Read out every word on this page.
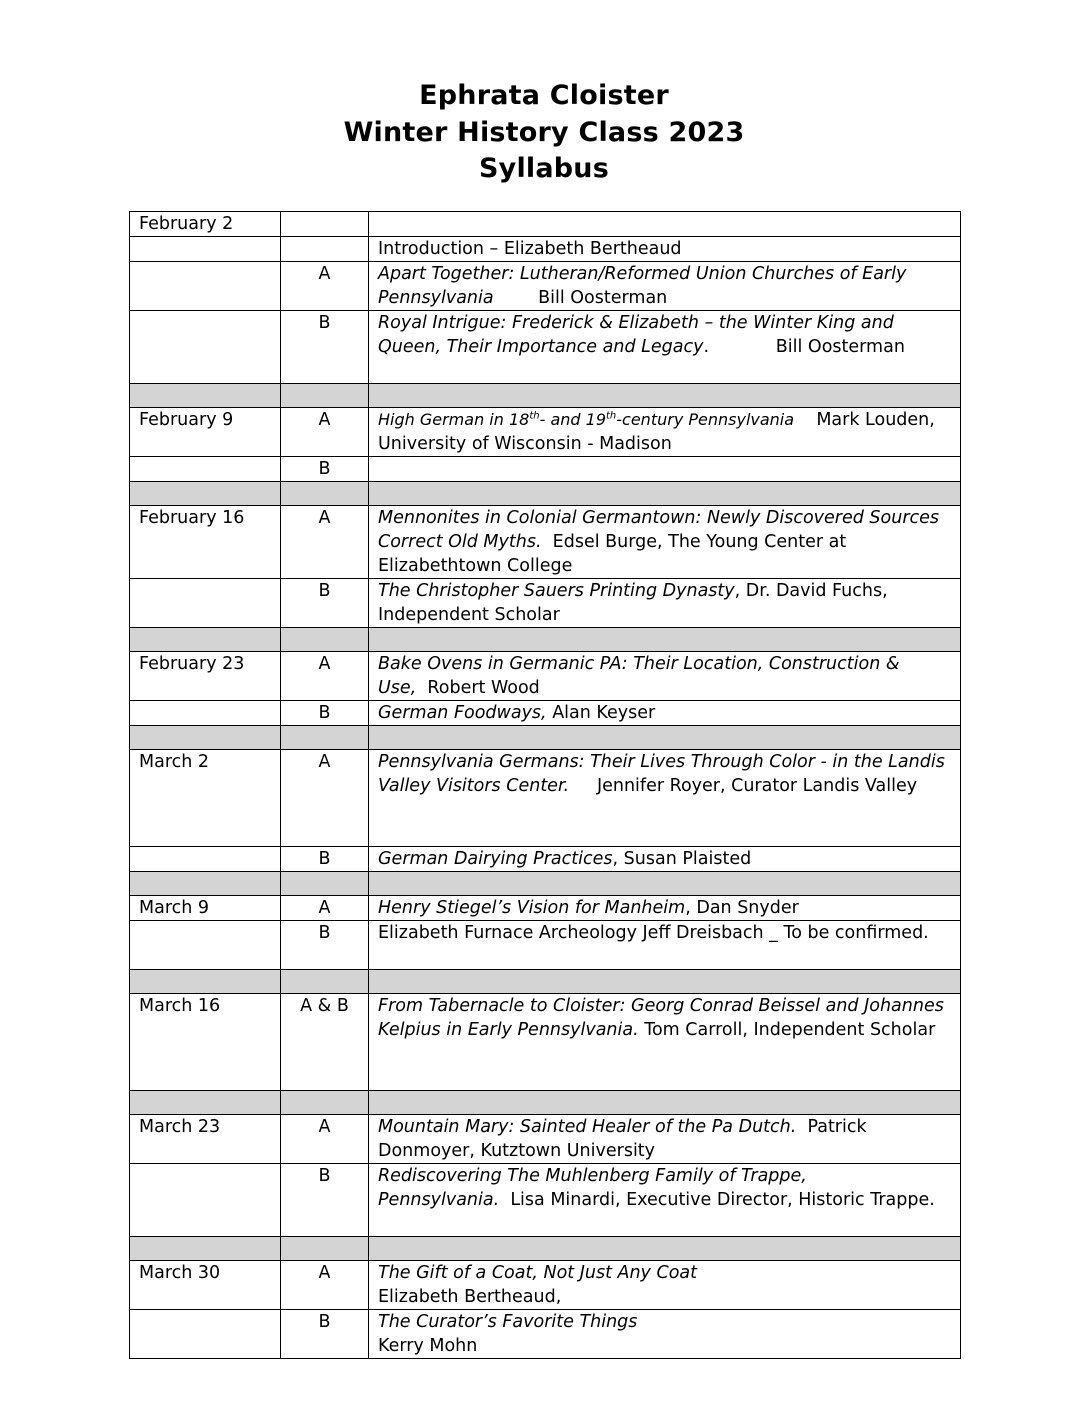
Ephrata Cloister
Winter History Class 2023
Syllabus
February 2		
		Introduction – Elizabeth Bertheaud
	A	Apart Together: Lutheran/Reformed Union Churches of Early Pennsylvania Bill Oosterman
	B	Royal Intrigue: Frederick & Elizabeth – the Winter King and Queen, Their Importance and Legacy.            Bill Oosterman

February 9	A	High German in 18th- and 19th-century Pennsylvania Mark Louden, University of Wisconsin - Madison
	B	

February 16	A	Mennonites in Colonial Germantown: Newly Discovered Sources Correct Old Myths. Edsel Burge, The Young Center at Elizabethtown College
	B	The Christopher Sauers Printing Dynasty, Dr. David Fuchs, Independent Scholar

February 23	A	Bake Ovens in Germanic PA: Their Location, Construction & Use, Robert Wood
	B	German Foodways, Alan Keyser

March 2	A	Pennsylvania Germans: Their Lives Through Color - in the Landis Valley Visitors Center. Jennifer Royer, Curator Landis Valley
	B	German Dairying Practices, Susan Plaisted

March 9	A	Henry Stiegel’s Vision for Manheim, Dan Snyder
	B	Elizabeth Furnace Archeology Jeff Dreisbach _ To be confirmed.

March 16	A & B	From Tabernacle to Cloister: Georg Conrad Beissel and Johannes Kelpius in Early Pennsylvania. Tom Carroll, Independent Scholar

March 23	A	Mountain Mary: Sainted Healer of the Pa Dutch. Patrick Donmoyer, Kutztown University
	B	Rediscovering The Muhlenberg Family of Trappe, Pennsylvania. Lisa Minardi, Executive Director, Historic Trappe.

March 30	A	The Gift of a Coat, Not Just Any Coat
Elizabeth Bertheaud,
	B	The Curator’s Favorite Things
Kerry Mohn
